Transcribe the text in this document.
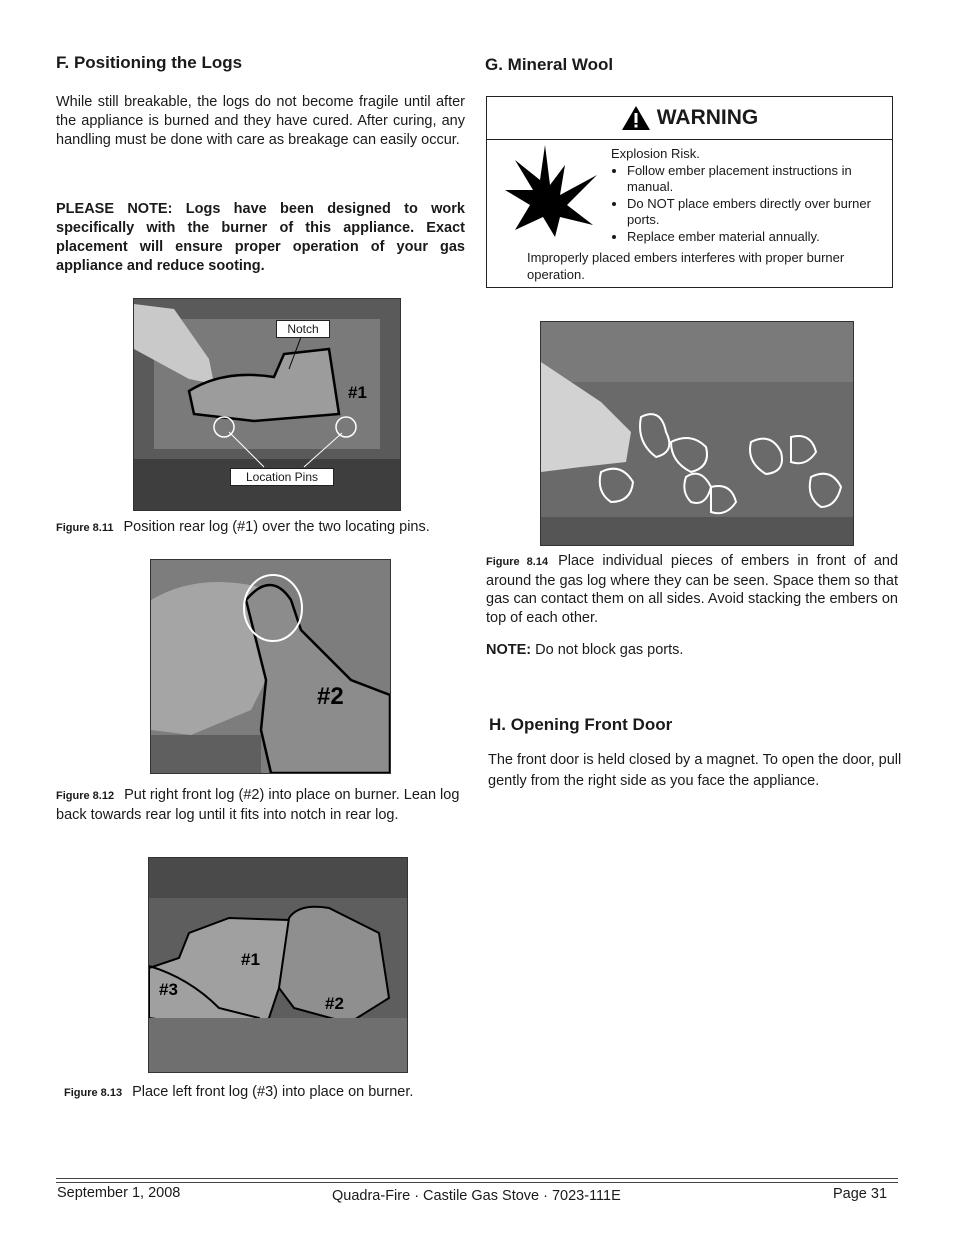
F. Positioning the Logs
While still breakable, the logs do not become fragile until after the appliance is burned and they have cured. After curing, any handling must be done with care as breakage can easily occur.
PLEASE NOTE: Logs have been designed to work specifically with the burner of this appliance. Exact placement will ensure proper operation of your gas appliance and reduce sooting.
Notch
Location Pins
#1
Figure 8.11 Position rear log (#1) over the two locating pins.
#2
Figure 8.12 Put right front log (#2) into place on burner. Lean log back towards rear log until it fits into notch in rear log.
#1
#3
#2
Figure 8.13 Place left front log (#3) into place on burner.
G. Mineral Wool
WARNING
Explosion Risk.
• Follow ember placement instructions in manual.
• Do NOT place embers directly over burner ports.
• Replace ember material annually.
Improperly placed embers interferes with proper burner operation.
Figure 8.14 Place individual pieces of embers in front of and around the gas log where they can be seen. Space them so that gas can contact them on all sides. Avoid stacking the embers on top of each other.
NOTE: Do not block gas ports.
H. Opening Front Door
The front door is held closed by a magnet. To open the door, pull gently from the right side as you face the appliance.
September 1, 2008	Quadra-Fire · Castile Gas Stove · 7023-111E	Page 31
